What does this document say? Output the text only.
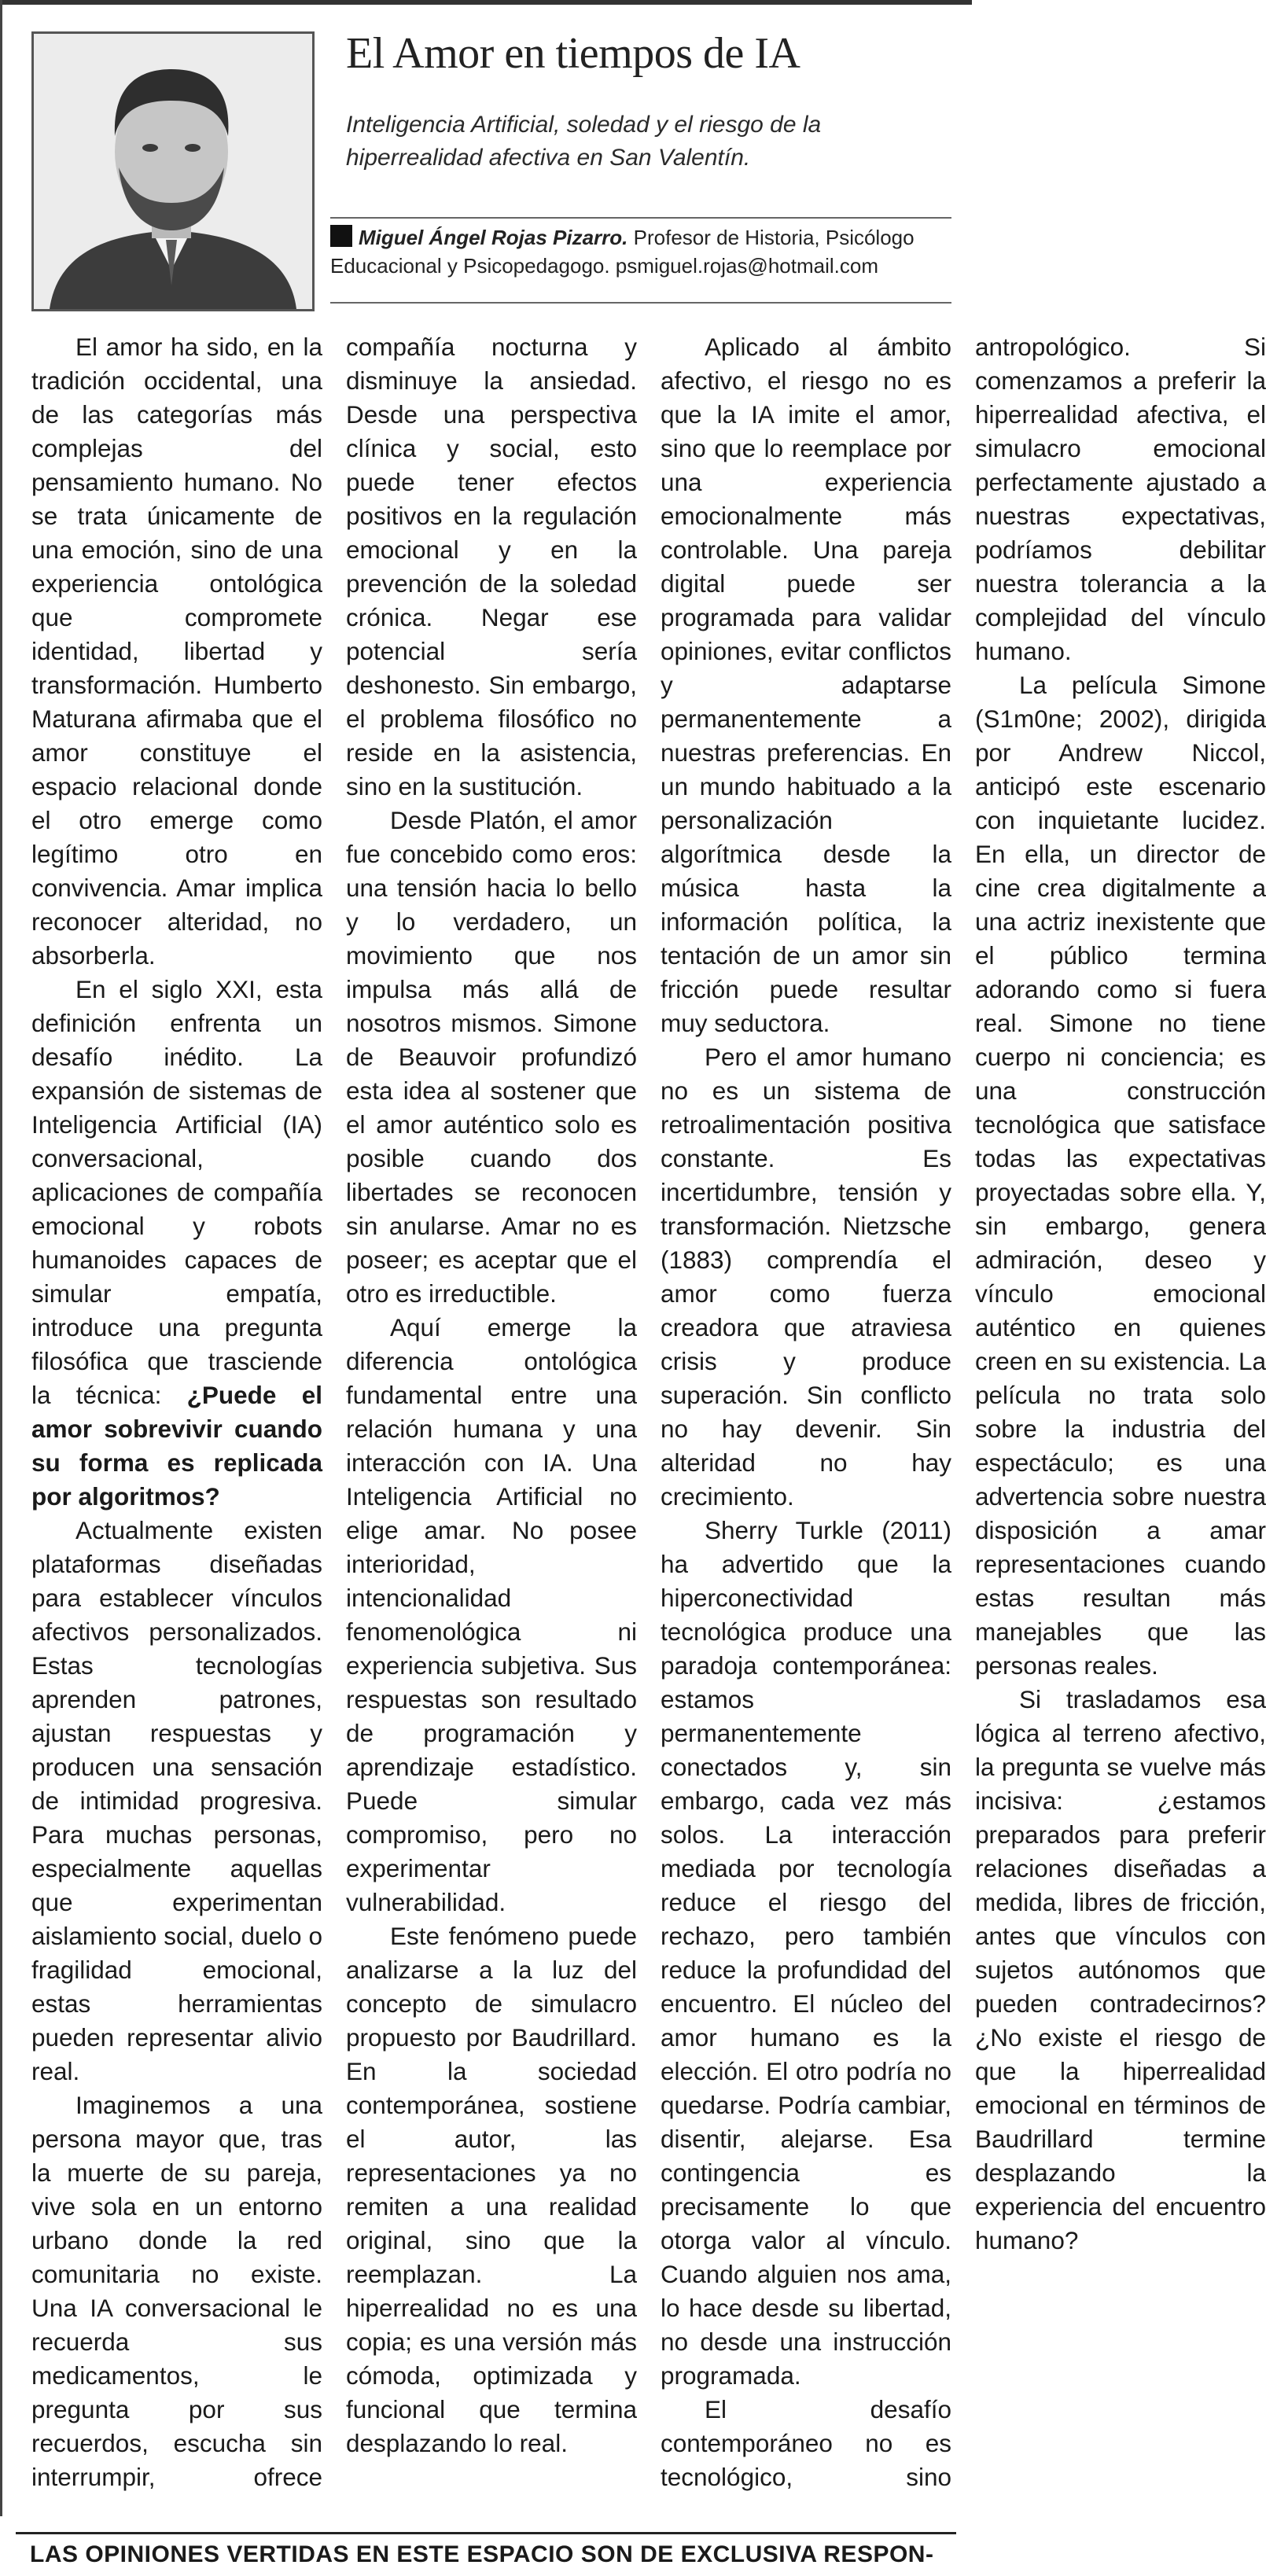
El Amor en tiempos de IA
Inteligencia Artificial, soledad y el riesgo de la hiperrealidad afectiva en San Valentín.
Miguel Ángel Rojas Pizarro. Profesor de Historia, Psicólogo Educacional y Psicopedagogo. psmiguel.rojas@hotmail.com

El amor ha sido, en la tradición occidental, una de las categorías más complejas del pensamiento humano. No se trata únicamente de una emoción, sino de una experiencia ontológica que compromete identidad, libertad y transformación. Humberto Maturana afirmaba que el amor constituye el espacio relacional donde el otro emerge como legítimo otro en convivencia. Amar implica reconocer alteridad, no absorberla.

En el siglo XXI, esta definición enfrenta un desafío inédito. La expansión de sistemas de Inteligencia Artificial (IA) conversacional, aplicaciones de compañía emocional y robots humanoides capaces de simular empatía, introduce una pregunta filosófica que trasciende la técnica: ¿Puede el amor sobrevivir cuando su forma es replicada por algoritmos?

Actualmente existen plataformas diseñadas para establecer vínculos afectivos personalizados. Estas tecnologías aprenden patrones, ajustan respuestas y producen una sensación de intimidad progresiva. Para muchas personas, especialmente aquellas que experimentan aislamiento social, duelo o fragilidad emocional, estas herramientas pueden representar alivio real.

Imaginemos a una persona mayor que, tras la muerte de su pareja, vive sola en un entorno urbano donde la red comunitaria no existe. Una IA conversacional le recuerda sus medicamentos, le pregunta por sus recuerdos, escucha sin interrumpir, ofrece compañía nocturna y disminuye la ansiedad. Desde una perspectiva clínica y social, esto puede tener efectos positivos en la regulación emocional y en la prevención de la soledad crónica. Negar ese potencial sería deshonesto. Sin embargo, el problema filosófico no reside en la asistencia, sino en la sustitución.

Desde Platón, el amor fue concebido como eros: una tensión hacia lo bello y lo verdadero, un movimiento que nos impulsa más allá de nosotros mismos. Simone de Beauvoir profundizó esta idea al sostener que el amor auténtico solo es posible cuando dos libertades se reconocen sin anularse. Amar no es poseer; es aceptar que el otro es irreductible.

Aquí emerge la diferencia ontológica fundamental entre una relación humana y una interacción con IA. Una Inteligencia Artificial no elige amar. No posee interioridad, intencionalidad fenomenológica ni experiencia subjetiva. Sus respuestas son resultado de programación y aprendizaje estadístico. Puede simular compromiso, pero no experimentar vulnerabilidad.

Este fenómeno puede analizarse a la luz del concepto de simulacro propuesto por Baudrillard. En la sociedad contemporánea, sostiene el autor, las representaciones ya no remiten a una realidad original, sino que la reemplazan. La hiperrealidad no es una copia; es una versión más cómoda, optimizada y funcional que termina desplazando lo real.

Aplicado al ámbito afectivo, el riesgo no es que la IA imite el amor, sino que lo reemplace por una experiencia emocionalmente más controlable. Una pareja digital puede ser programada para validar opiniones, evitar conflictos y adaptarse permanentemente a nuestras preferencias. En un mundo habituado a la personalización algorítmica desde la música hasta la información política, la tentación de un amor sin fricción puede resultar muy seductora.

Pero el amor humano no es un sistema de retroalimentación positiva constante. Es incertidumbre, tensión y transformación. Nietzsche (1883) comprendía el amor como fuerza creadora que atraviesa crisis y produce superación. Sin conflicto no hay devenir. Sin alteridad no hay crecimiento.

Sherry Turkle (2011) ha advertido que la hiperconectividad tecnológica produce una paradoja contemporánea: estamos permanentemente conectados y, sin embargo, cada vez más solos. La interacción mediada por tecnología reduce el riesgo del rechazo, pero también reduce la profundidad del encuentro. El núcleo del amor humano es la elección. El otro podría no quedarse. Podría cambiar, disentir, alejarse. Esa contingencia es precisamente lo que otorga valor al vínculo. Cuando alguien nos ama, lo hace desde su libertad, no desde una instrucción programada.

El desafío contemporáneo no es tecnológico, sino antropológico. Si comenzamos a preferir la hiperrealidad afectiva, el simulacro emocional perfectamente ajustado a nuestras expectativas, podríamos debilitar nuestra tolerancia a la complejidad del vínculo humano.

La película Simone (S1m0ne; 2002), dirigida por Andrew Niccol, anticipó este escenario con inquietante lucidez. En ella, un director de cine crea digitalmente a una actriz inexistente que el público termina adorando como si fuera real. Simone no tiene cuerpo ni conciencia; es una construcción tecnológica que satisface todas las expectativas proyectadas sobre ella. Y, sin embargo, genera admiración, deseo y vínculo emocional auténtico en quienes creen en su existencia. La película no trata solo sobre la industria del espectáculo; es una advertencia sobre nuestra disposición a amar representaciones cuando estas resultan más manejables que las personas reales.

Si trasladamos esa lógica al terreno afectivo, la pregunta se vuelve más incisiva: ¿estamos preparados para preferir relaciones diseñadas a medida, libres de fricción, antes que vínculos con sujetos autónomos que pueden contradecirnos? ¿No existe el riesgo de que la hiperrealidad emocional en términos de Baudrillard termine desplazando la experiencia del encuentro humano?

LAS OPINIONES VERTIDAS EN ESTE ESPACIO SON DE EXCLUSIVA RESPON-
